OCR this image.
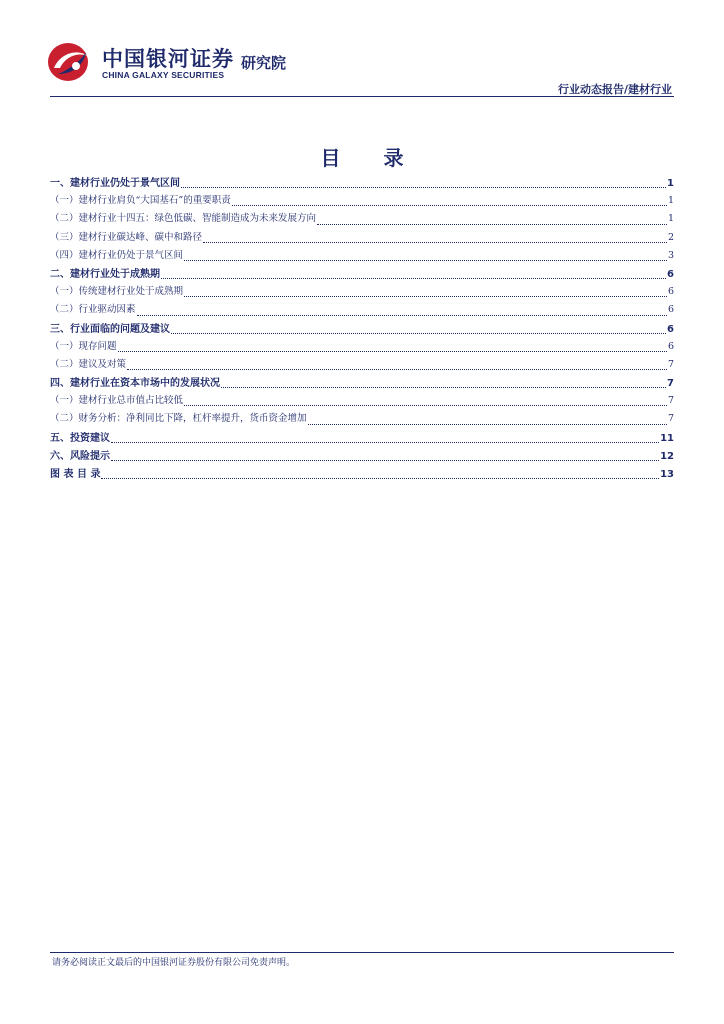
中国银河证券 研究院
CHINA GALAXY SECURITIES
行业动态报告/建材行业
目 录
一、建材行业仍处于景气区间	1
（一）建材行业肩负“大国基石”的重要职责	1
（二）建材行业十四五：绿色低碳、智能制造成为未来发展方向	1
（三）建材行业碳达峰、碳中和路径	2
（四）建材行业仍处于景气区间	3
二、建材行业处于成熟期	6
（一）传统建材行业处于成熟期	6
（二）行业驱动因素	6
三、行业面临的问题及建议	6
（一）现存问题	6
（二）建议及对策	7
四、建材行业在资本市场中的发展状况	7
（一）建材行业总市值占比较低	7
（二）财务分析：净利同比下降，杠杆率提升，货币资金增加	7
五、投资建议	11
六、风险提示	12
图 表 目 录	13
请务必阅读正文最后的中国银河证券股份有限公司免责声明。
